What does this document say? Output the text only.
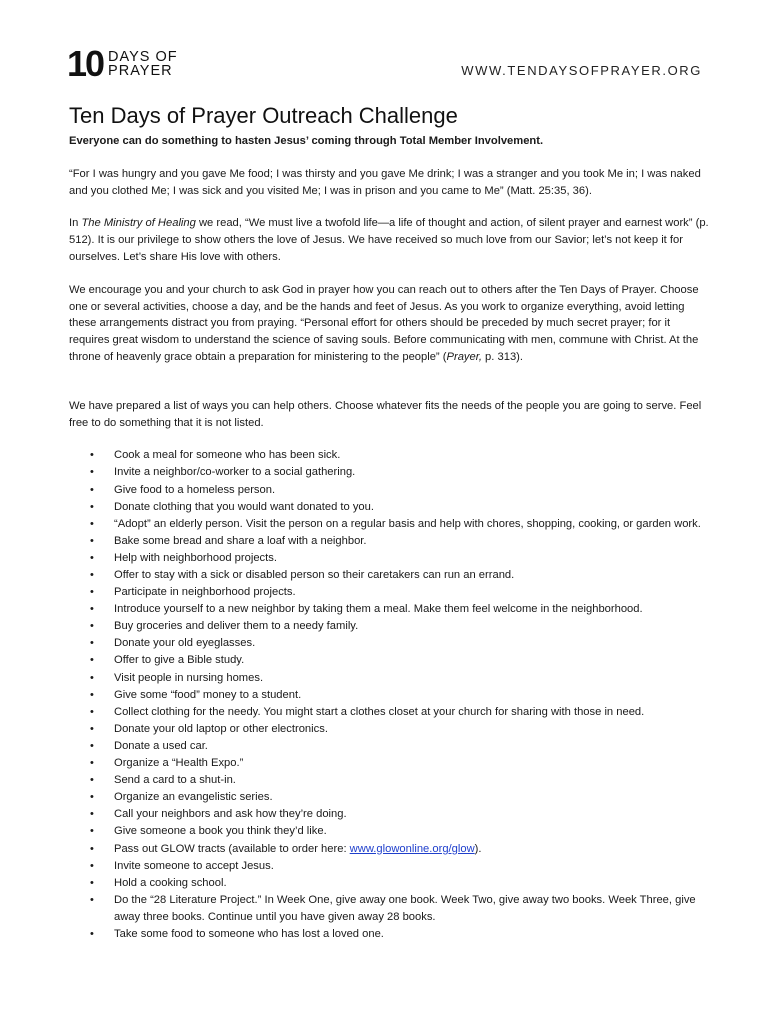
10 DAYS OF
PRAYER	WWW.TENDAYSOFPRAYER.ORG
Ten Days of Prayer Outreach Challenge
Everyone can do something to hasten Jesus’ coming through Total Member Involvement.

“For I was hungry and you gave Me food; I was thirsty and you gave Me drink; I was a stranger and you took Me in; I was naked and you clothed Me; I was sick and you visited Me; I was in prison and you came to Me” (Matt. 25:35, 36).

In The Ministry of Healing we read, “We must live a twofold life—a life of thought and action, of silent prayer and earnest work” (p. 512). It is our privilege to show others the love of Jesus. We have received so much love from our Savior; let’s not keep it for ourselves. Let’s share His love with others.

We encourage you and your church to ask God in prayer how you can reach out to others after the Ten Days of Prayer. Choose one or several activities, choose a day, and be the hands and feet of Jesus. As you work to organize everything, avoid letting these arrangements distract you from praying. “Personal effort for others should be preceded by much secret prayer; for it requires great wisdom to understand the science of saving souls. Before communicating with men, commune with Christ. At the throne of heavenly grace obtain a preparation for ministering to the people” (Prayer, p. 313).

We have prepared a list of ways you can help others. Choose whatever fits the needs of the people you are going to serve. Feel free to do something that it is not listed.

• Cook a meal for someone who has been sick.
• Invite a neighbor/co-worker to a social gathering.
• Give food to a homeless person.
• Donate clothing that you would want donated to you.
• “Adopt” an elderly person. Visit the person on a regular basis and help with chores, shopping, cooking, or garden work.
• Bake some bread and share a loaf with a neighbor.
• Help with neighborhood projects.
• Offer to stay with a sick or disabled person so their caretakers can run an errand.
• Participate in neighborhood projects.
• Introduce yourself to a new neighbor by taking them a meal. Make them feel welcome in the neighborhood.
• Buy groceries and deliver them to a needy family.
• Donate your old eyeglasses.
• Offer to give a Bible study.
• Visit people in nursing homes.
• Give some “food” money to a student.
• Collect clothing for the needy. You might start a clothes closet at your church for sharing with those in need.
• Donate your old laptop or other electronics.
• Donate a used car.
• Organize a “Health Expo.”
• Send a card to a shut-in.
• Organize an evangelistic series.
• Call your neighbors and ask how they’re doing.
• Give someone a book you think they’d like.
• Pass out GLOW tracts (available to order here: www.glowonline.org/glow).
• Invite someone to accept Jesus.
• Hold a cooking school.
• Do the “28 Literature Project.” In Week One, give away one book. Week Two, give away two books. Week Three, give away three books. Continue until you have given away 28 books.
• Take some food to someone who has lost a loved one.
